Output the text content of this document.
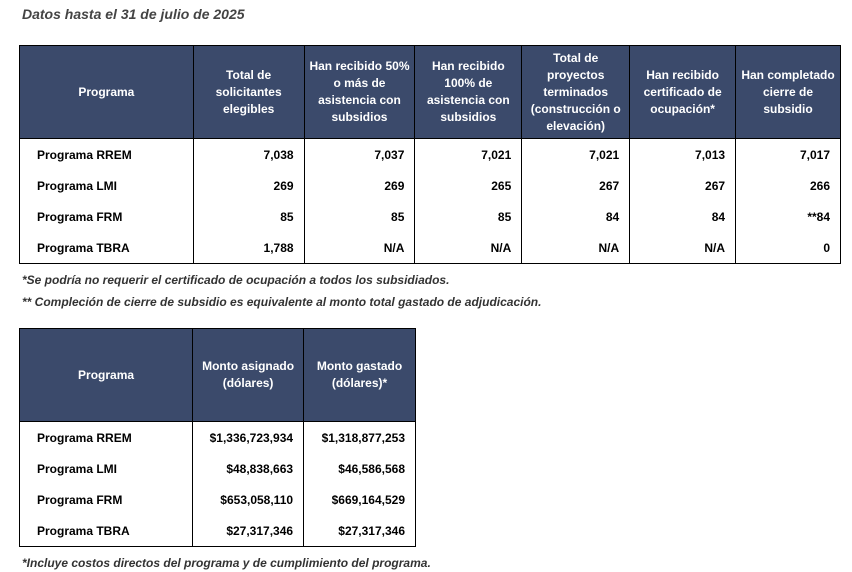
Datos hasta el 31 de julio de 2025
Programa	Total de solicitantes elegibles	Han recibido 50% o más de asistencia con subsidios	Han recibido 100% de asistencia con subsidios	Total de proyectos terminados (construcción o elevación)	Han recibido certificado de ocupación*	Han completado cierre de subsidio
Programa RREM	7,038	7,037	7,021	7,021	7,013	7,017
Programa LMI	269	269	265	267	267	266
Programa FRM	85	85	85	84	84	**84
Programa TBRA	1,788	N/A	N/A	N/A	N/A	0
*Se podría no requerir el certificado de ocupación a todos los subsidiados.
** Compleción de cierre de subsidio es equivalente al monto total gastado de adjudicación.
Programa	Monto asignado (dólares)	Monto gastado (dólares)*
Programa RREM	$1,336,723,934	$1,318,877,253
Programa LMI	$48,838,663	$46,586,568
Programa FRM	$653,058,110	$669,164,529
Programa TBRA	$27,317,346	$27,317,346
*Incluye costos directos del programa y de cumplimiento del programa.
